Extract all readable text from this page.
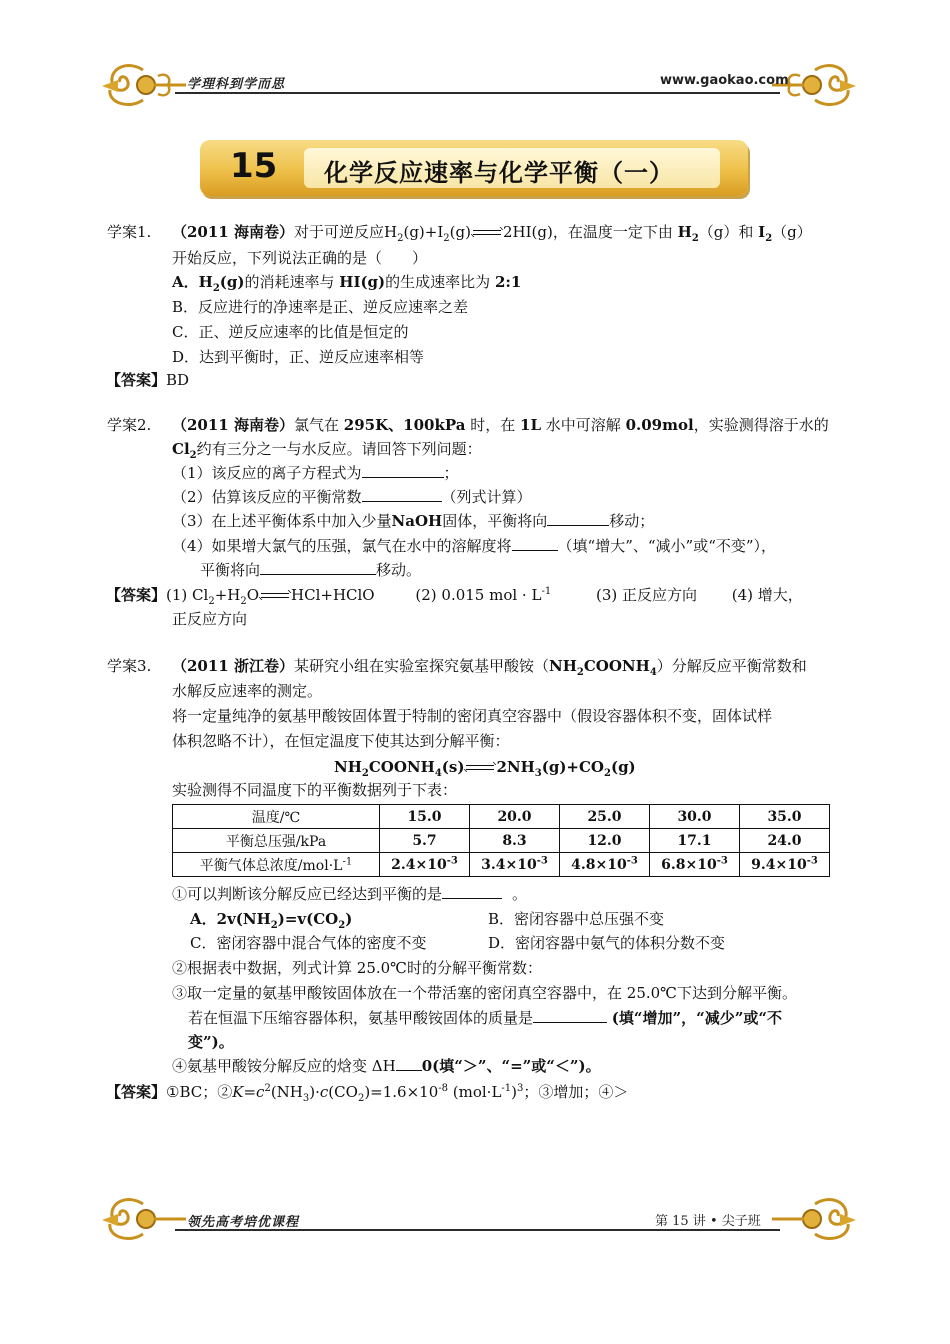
学理科到学而思	www.gaokao.com
15 化学反应速率与化学平衡（一）
学案1. （2011 海南卷）对于可逆反应$H_2(g)+I_2(g)$ 2HI(g)，在温度一定下由 $H_2(g)$和 $I_2(g)$
开始反应，下列说法正确的是（　　）
A．$H_2(g)$的消耗速率与 HI(g)的生成速率比为 2:1
B．反应进行的净速率是正、逆反应速率之差
C．正、逆反应速率的比值是恒定的
D．达到平衡时，正、逆反应速率相等
【答案】BD
学案2. （2011 海南卷）氯气在 295K、100kPa 时，在 1L 水中可溶解 0.09mol，实验测得溶于水的
$Cl_2$约有三分之一与水反应。请回答下列问题：
（1）该反应的离子方程式为	；
（2）估算该反应的平衡常数	（列式计算）
（3）在上述平衡体系中加入少量NaOH固体，平衡将向	移动；
（4）如果增大氯气的压强，氯气在水中的溶解度将	（填“增大”、“减小”或“不变”），
平衡将向	移动。
【答案】(1) $Cl_2+H_2O$ HCl+HClO	(2) 0.015 mol · $L^{-1}$	(3) 正反应方向 (4) 增大，
正反应方向
学案3. （2011 浙江卷）某研究小组在实验室探究氨基甲酸铵$(NH_2COONH_4)$分解反应平衡常数和
水解反应速率的测定。
将一定量纯净的氨基甲酸铵固体置于特制的密闭真空容器中（假设容器体积不变，固体试样
体积忽略不计），在恒定温度下使其达到分解平衡：
$NH_2COONH_4(s)$ $2NH_3(g)+CO_2(g)$
实验测得不同温度下的平衡数据列于下表：
温度/℃	15.0	20.0	25.0	30.0	35.0
平衡总压强/kPa	5.7	8.3	12.0	17.1	24.0
平衡气体总浓度$/mol\cdot L^{-1}$	$2.4\times 10^{-3}$	$3.4\times 10^{-3}$	$4.8\times 10^{-3}$	$6.8\times 10^{-3}$	$9.4\times 10^{-3}$
①可以判断该分解反应已经达到平衡的是	。
A．$2v(NH_2)=v(CO_2)$	B．密闭容器中总压强不变
C．密闭容器中混合气体的密度不变	D．密闭容器中氨气的体积分数不变
②根据表中数据，列式计算 25.0℃时的分解平衡常数：
③取一定量的氨基甲酸铵固体放在一个带活塞的密闭真空容器中，在 25.0℃下达到分解平衡。
若在恒温下压缩容器体积，氨基甲酸铵固体的质量是	(填“增加”，“减少”或“不
变”)。
④氨基甲酸铵分解反应的焓变 ΔH 0(填“＞”、“=”或“＜”)。
【答案】①BC；$②K=c^2(NH_3)\cdot c(CO_2)=1.6\times 10^{-8}$ $(mol\cdot L^{-1})^3$；③增加；④＞
领先高考培优课程	第 15 讲 • 尖子班
